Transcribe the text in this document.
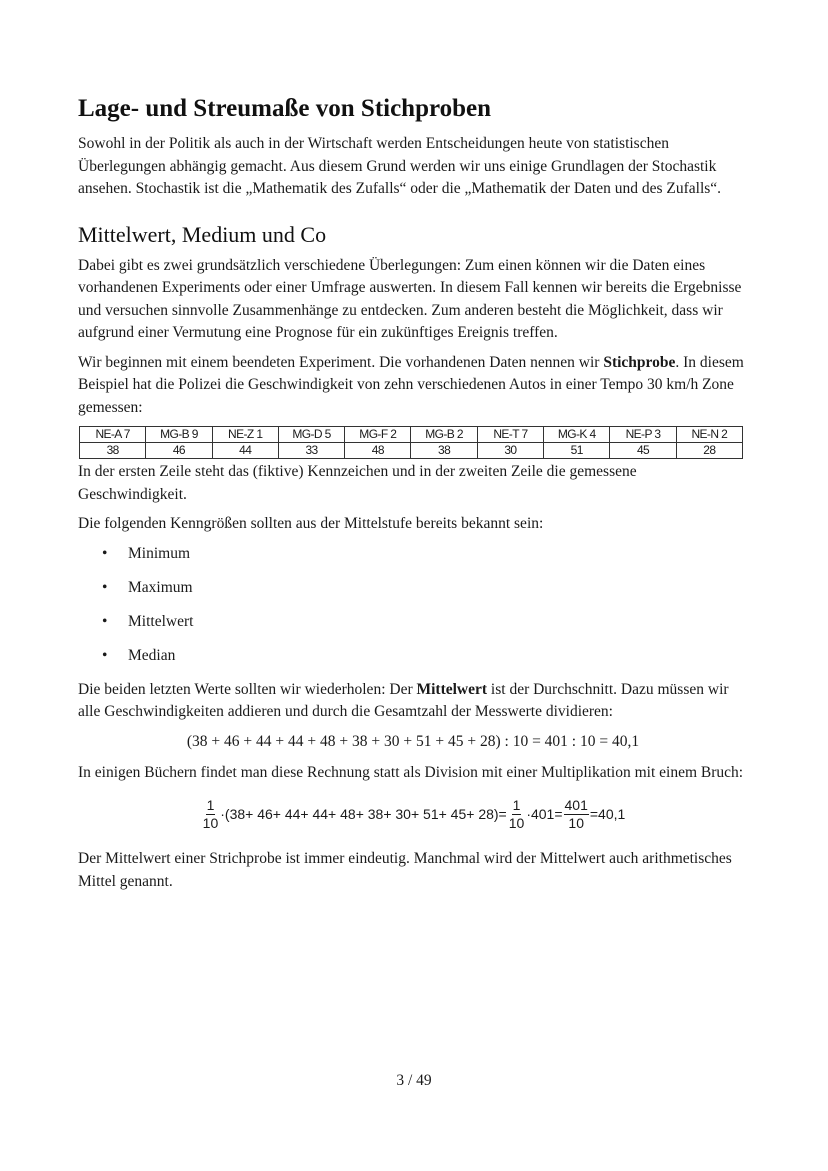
Lage- und Streumaße von Stichproben

Sowohl in der Politik als auch in der Wirtschaft werden Entscheidungen heute von statistischen Überlegungen abhängig gemacht. Aus diesem Grund werden wir uns einige Grundlagen der Stochastik ansehen. Stochastik ist die „Mathematik des Zufalls“ oder die „Mathematik der Daten und des Zufalls“.

Mittelwert, Medium und Co

Dabei gibt es zwei grundsätzlich verschiedene Überlegungen: Zum einen können wir die Daten eines vorhandenen Experiments oder einer Umfrage auswerten. In diesem Fall kennen wir bereits die Ergebnisse und versuchen sinnvolle Zusammenhänge zu entdecken. Zum anderen besteht die Möglichkeit, dass wir aufgrund einer Vermutung eine Prognose für ein zukünftiges Ereignis treffen.

Wir beginnen mit einem beendeten Experiment. Die vorhandenen Daten nennen wir Stichprobe. In diesem Beispiel hat die Polizei die Geschwindigkeit von zehn verschiedenen Autos in einer Tempo 30 km/h Zone gemessen:

NE-A 7	MG-B 9	NE-Z 1	MG-D 5	MG-F 2	MG-B 2	NE-T 7	MG-K 4	NE-P 3	NE-N 2
38	46	44	33	48	38	30	51	45	28

In der ersten Zeile steht das (fiktive) Kennzeichen und in der zweiten Zeile die gemessene Geschwindigkeit.

Die folgenden Kenngrößen sollten aus der Mittelstufe bereits bekannt sein:

• Minimum
• Maximum
• Mittelwert
• Median

Die beiden letzten Werte sollten wir wiederholen: Der Mittelwert ist der Durchschnitt. Dazu müssen wir alle Geschwindigkeiten addieren und durch die Gesamtzahl der Messwerte dividieren:

(38 + 46 + 44 + 44 + 48 + 38 + 30 + 51 + 45 + 28) : 10 = 401 : 10 = 40,1

In einigen Büchern findet man diese Rechnung statt als Division mit einer Multiplikation mit einem Bruch:

$\frac{1}{10} \cdot(38+ 46+ 44+ 44+ 48+ 38+ 30+ 51+ 45+ 28)= \frac{1}{10} \cdot 401= \frac{401}{10} =40,1$

Der Mittelwert einer Strichprobe ist immer eindeutig. Manchmal wird der Mittelwert auch arithmetisches Mittel genannt.

3 / 49
